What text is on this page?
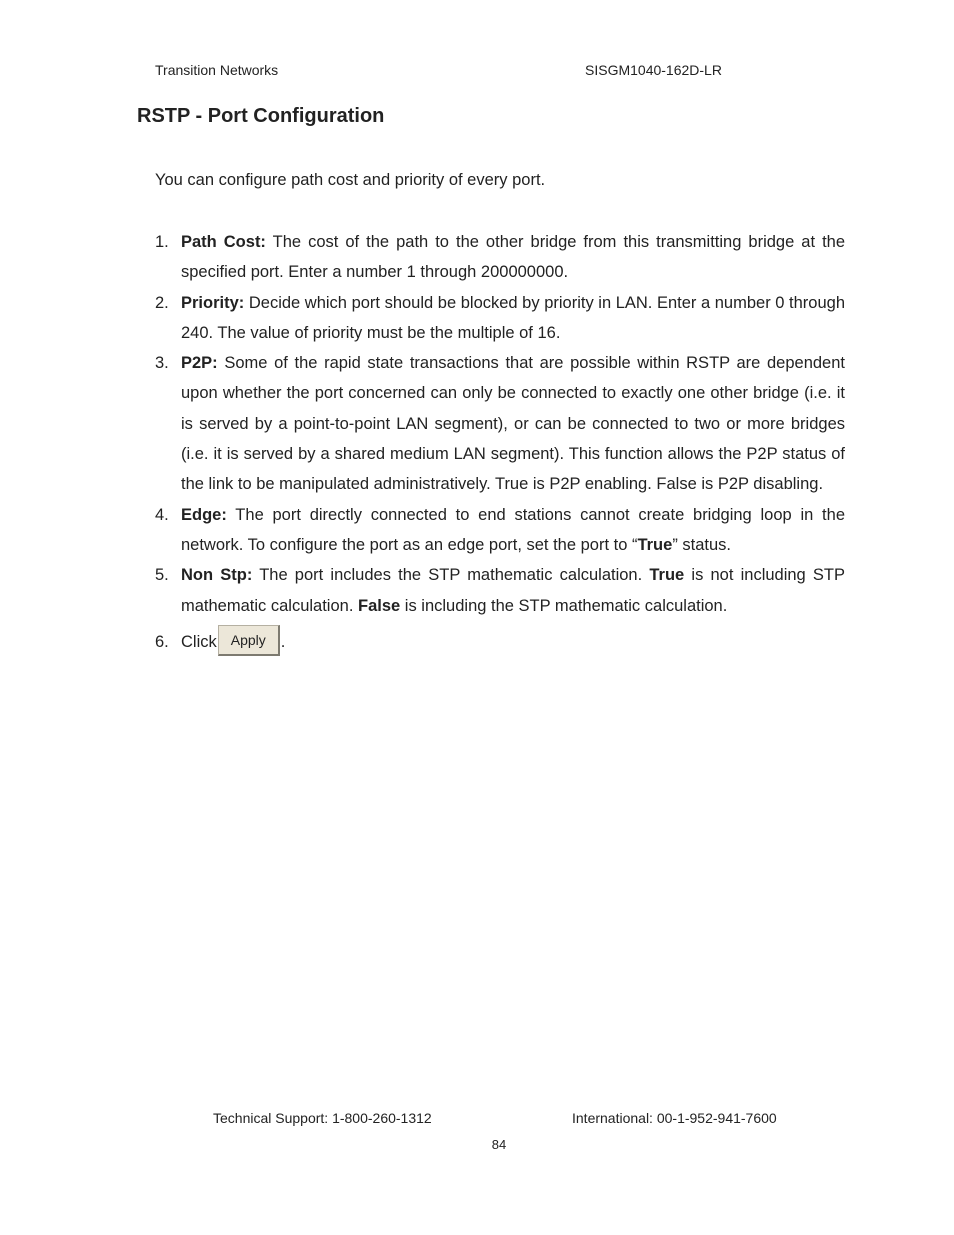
Transition Networks	SISGM1040-162D-LR
RSTP - Port Configuration

You can configure path cost and priority of every port.

1. Path Cost: The cost of the path to the other bridge from this transmitting bridge at the specified port. Enter a number 1 through 200000000.
2. Priority: Decide which port should be blocked by priority in LAN. Enter a number 0 through 240. The value of priority must be the multiple of 16.
3. P2P: Some of the rapid state transactions that are possible within RSTP are dependent upon whether the port concerned can only be connected to exactly one other bridge (i.e. it is served by a point-to-point LAN segment), or can be connected to two or more bridges (i.e. it is served by a shared medium LAN segment). This function allows the P2P status of the link to be manipulated administratively. True is P2P enabling. False is P2P disabling.
4. Edge: The port directly connected to end stations cannot create bridging loop in the network. To configure the port as an edge port, set the port to “True” status.
5. Non Stp: The port includes the STP mathematic calculation. True is not including STP mathematic calculation. False is including the STP mathematic calculation.
6. Click Apply .
Technical Support: 1-800-260-1312	International: 00-1-952-941-7600
84
